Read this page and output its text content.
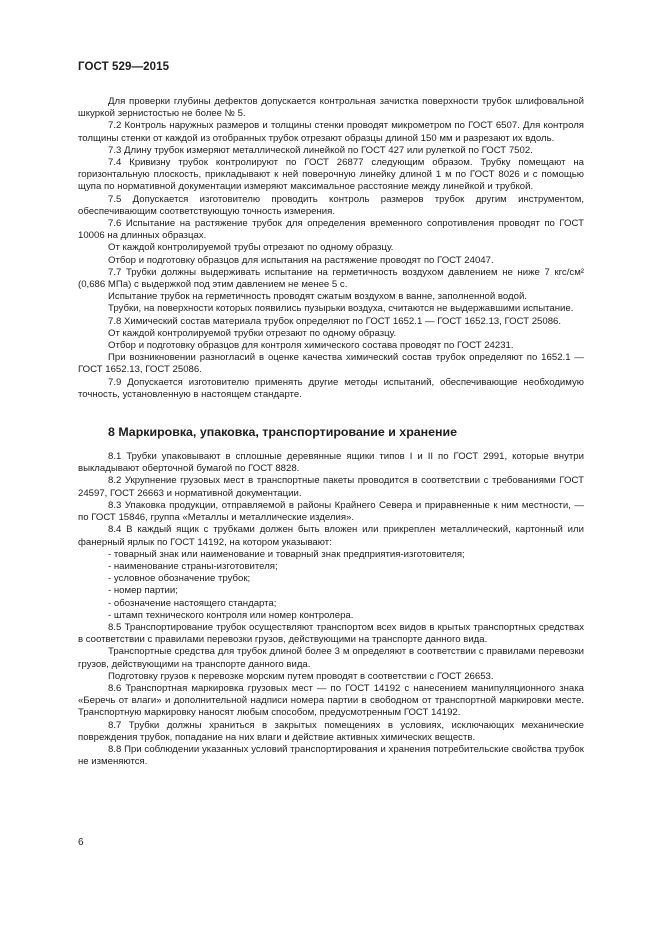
ГОСТ 529—2015

Для проверки глубины дефектов допускается контрольная зачистка поверхности трубок шлифовальной шкуркой зернистостью не более № 5.

7.2 Контроль наружных размеров и толщины стенки проводят микрометром по ГОСТ 6507. Для контроля толщины стенки от каждой из отобранных трубок отрезают образцы длиной 150 мм и разрезают их вдоль.

7.3 Длину трубок измеряют металлической линейкой по ГОСТ 427 или рулеткой по ГОСТ 7502.

7.4 Кривизну трубок контролируют по ГОСТ 26877 следующим образом. Трубку помещают на горизонтальную плоскость, прикладывают к ней поверочную линейку длиной 1 м по ГОСТ 8026 и с помощью щупа по нормативной документации измеряют максимальное расстояние между линейкой и трубкой.

7.5 Допускается изготовителю проводить контроль размеров трубок другим инструментом, обеспечивающим соответствующую точность измерения.

7.6 Испытание на растяжение трубок для определения временного сопротивления проводят по ГОСТ 10006 на длинных образцах.

От каждой контролируемой трубы отрезают по одному образцу.

Отбор и подготовку образцов для испытания на растяжение проводят по ГОСТ 24047.

7.7 Трубки должны выдерживать испытание на герметичность воздухом давлением не ниже 7 кгс/см² (0,686 МПа) с выдержкой под этим давлением не менее 5 с.

Испытание трубок на герметичность проводят сжатым воздухом в ванне, заполненной водой.

Трубки, на поверхности которых появились пузырьки воздуха, считаются не выдержавшими испытание.

7.8 Химический состав материала трубок определяют по ГОСТ 1652.1 — ГОСТ 1652.13, ГОСТ 25086.

От каждой контролируемой трубки отрезают по одному образцу.

Отбор и подготовку образцов для контроля химического состава проводят по ГОСТ 24231.

При возникновении разногласий в оценке качества химический состав трубок определяют по 1652.1 — ГОСТ 1652.13, ГОСТ 25086.

7.9 Допускается изготовителю применять другие методы испытаний, обеспечивающие необходимую точность, установленную в настоящем стандарте.

8 Маркировка, упаковка, транспортирование и хранение

8.1 Трубки упаковывают в сплошные деревянные ящики типов I и II по ГОСТ 2991, которые внутри выкладывают оберточной бумагой по ГОСТ 8828.

8.2 Укрупнение грузовых мест в транспортные пакеты проводится в соответствии с требованиями ГОСТ 24597, ГОСТ 26663 и нормативной документации.

8.3 Упаковка продукции, отправляемой в районы Крайнего Севера и приравненные к ним местности, — по ГОСТ 15846, группа «Металлы и металлические изделия».

8.4 В каждый ящик с трубками должен быть вложен или прикреплен металлический, картонный или фанерный ярлык по ГОСТ 14192, на котором указывают:

- товарный знак или наименование и товарный знак предприятия-изготовителя;

- наименование страны-изготовителя;

- условное обозначение трубок;

- номер партии;

- обозначение настоящего стандарта;

- штамп технического контроля или номер контролера.

8.5 Транспортирование трубок осуществляют транспортом всех видов в крытых транспортных средствах в соответствии с правилами перевозки грузов, действующими на транспорте данного вида.

Транспортные средства для трубок длиной более 3 м определяют в соответствии с правилами перевозки грузов, действующими на транспорте данного вида.

Подготовку грузов к перевозке морским путем проводят в соответствии с ГОСТ 26653.

8.6 Транспортная маркировка грузовых мест — по ГОСТ 14192 с нанесением манипуляционного знака «Беречь от влаги» и дополнительной надписи номера партии в свободном от транспортной маркировки месте. Транспортную маркировку наносят любым способом, предусмотренным ГОСТ 14192.

8.7 Трубки должны храниться в закрытых помещениях в условиях, исключающих механические повреждения трубок, попадание на них влаги и действие активных химических веществ.

8.8 При соблюдении указанных условий транспортирования и хранения потребительские свойства трубок не изменяются.

6
